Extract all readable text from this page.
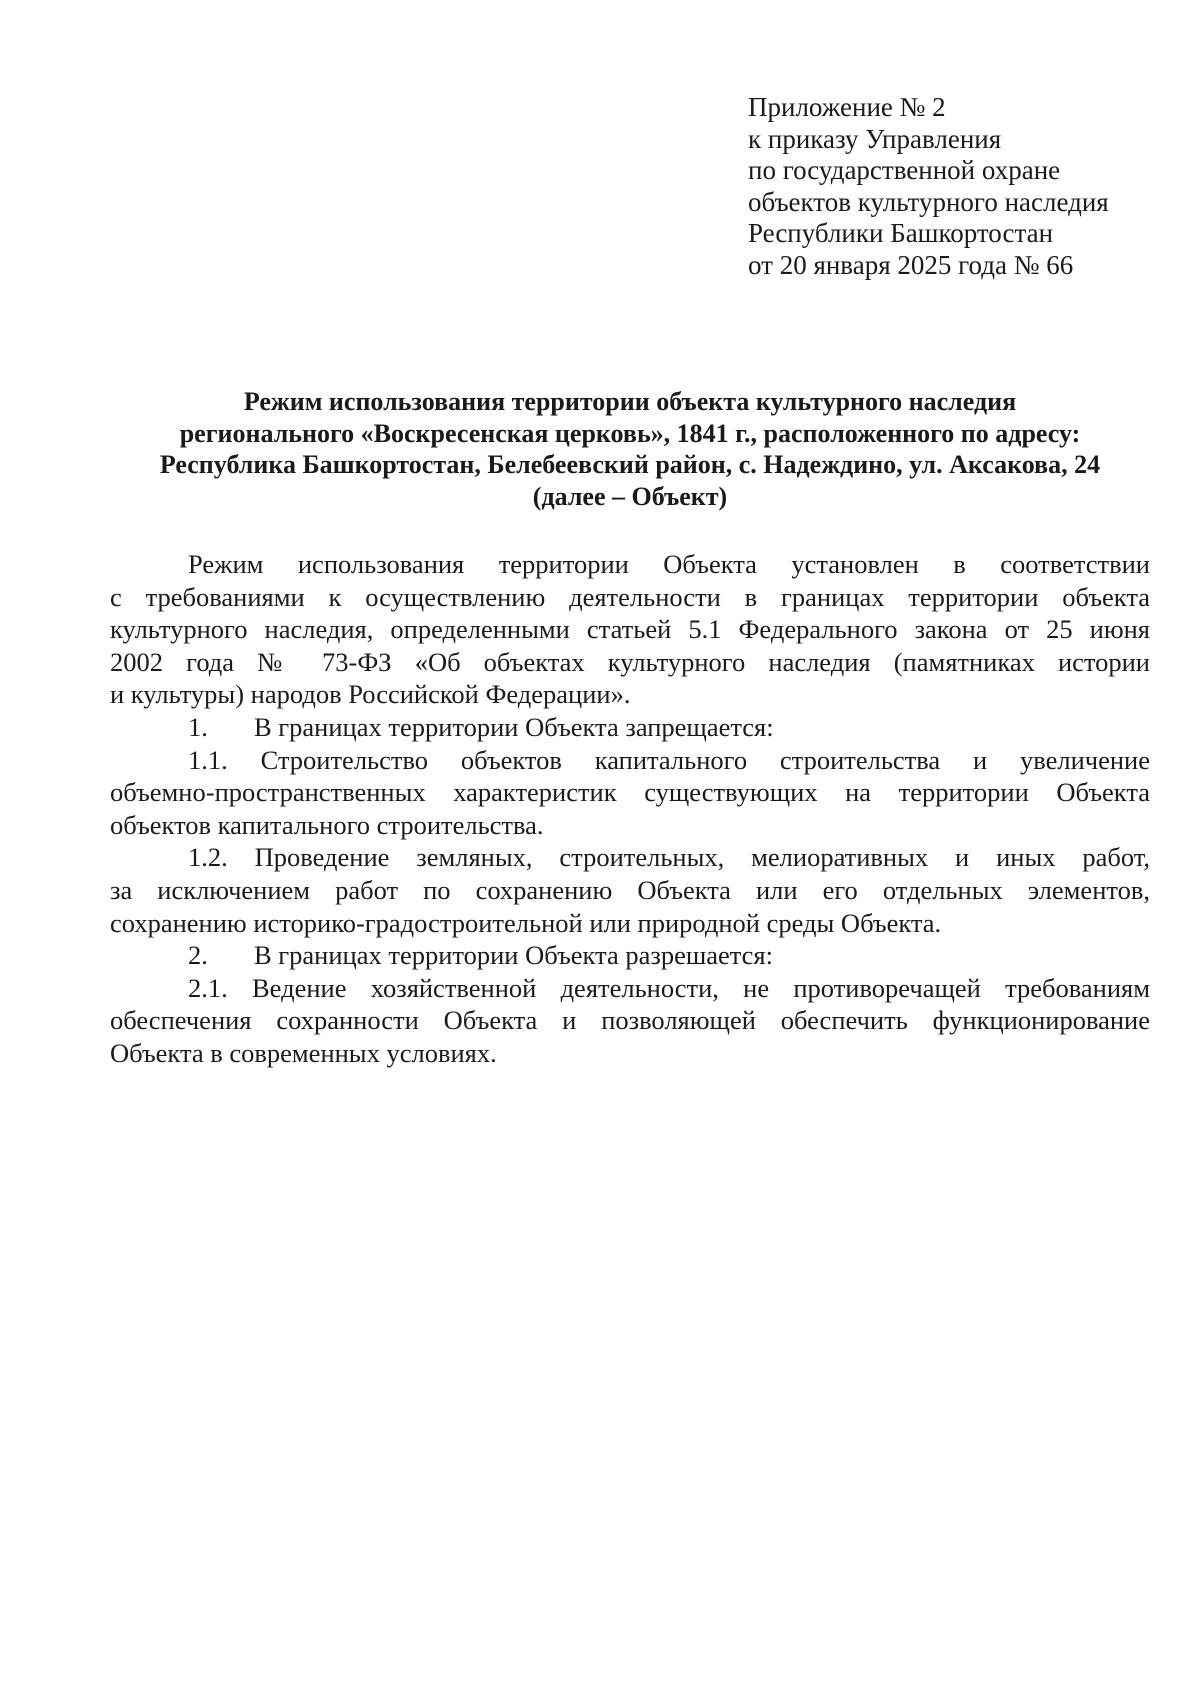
Приложение № 2
к приказу Управления
по государственной охране
объектов культурного наследия
Республики Башкортостан
от 20 января 2025 года № 66
Режим использования территории объекта культурного наследия
регионального «Воскресенская церковь», 1841 г., расположенного по адресу:
Республика Башкортостан, Белебеевский район, с. Надеждино, ул. Аксакова, 24
(далее – Объект)
Режим использования территории Объекта установлен в соответствии
с требованиями к осуществлению деятельности в границах территории объекта
культурного наследия, определенными статьей 5.1 Федерального закона от 25 июня
2002 года № 73-ФЗ «Об объектах культурного наследия (памятниках истории
и культуры) народов Российской Федерации».
1. В границах территории Объекта запрещается:
1.1. Строительство объектов капитального строительства и увеличение
объемно-пространственных характеристик существующих на территории Объекта
объектов капитального строительства.
1.2. Проведение земляных, строительных, мелиоративных и иных работ,
за исключением работ по сохранению Объекта или его отдельных элементов,
сохранению историко-градостроительной или природной среды Объекта.
2. В границах территории Объекта разрешается:
2.1. Ведение хозяйственной деятельности, не противоречащей требованиям
обеспечения сохранности Объекта и позволяющей обеспечить функционирование
Объекта в современных условиях.
